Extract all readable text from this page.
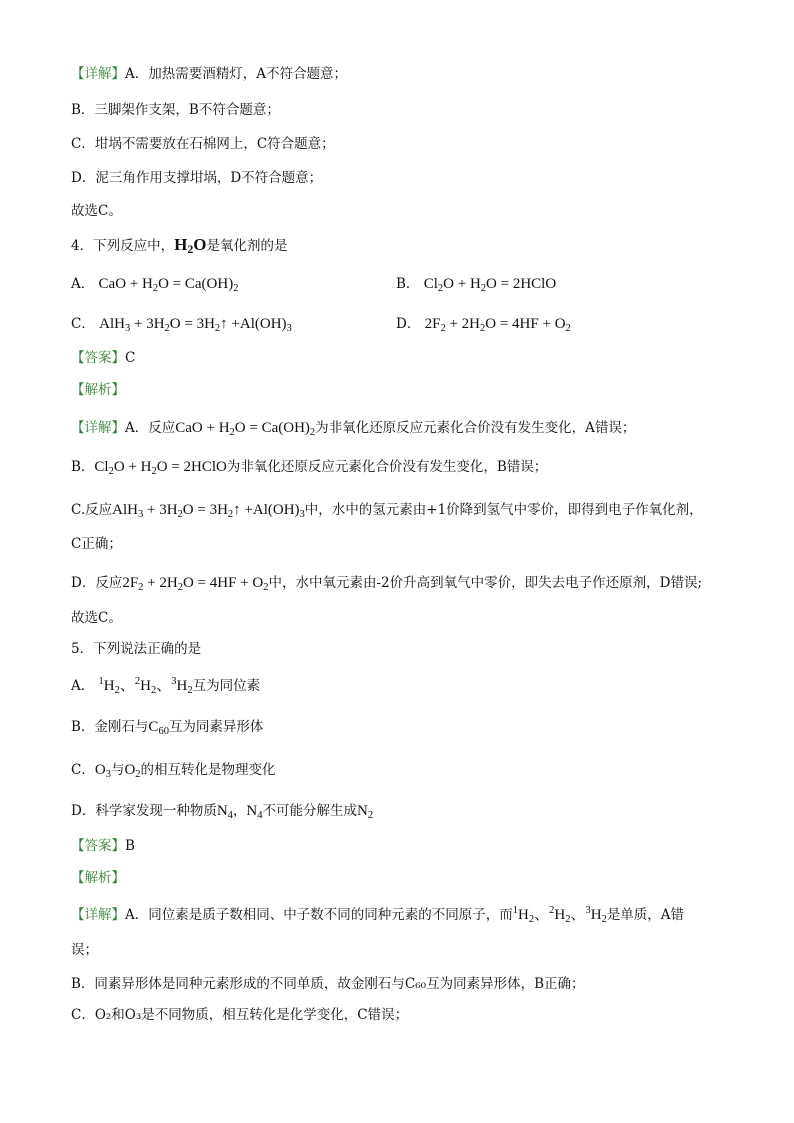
【详解】A．加热需要酒精灯，A不符合题意；
B．三脚架作支架，B不符合题意；
C．坩埚不需要放在石棉网上，C符合题意；
D．泥三角作用支撑坩埚，D不符合题意；
故选C。
4．下列反应中，$H_2O$是氧化剂的是
A． CaO + $H_2O = Ca(OH)_2$	B． $Cl_2O + H_2O$ = 2HClO
C． $AlH_3 + 3H_2O$ = $3H_2↑ +Al(OH)_3$	D． $2F_2 + 2H_2O = 4HF + O_2$
【答案】C
【解析】
【详解】A．反应CaO + $H_2O = Ca(OH)_2$为非氧化还原反应元素化合价没有发生变化，A错误；
B．$Cl_2O + H_2O$ = 2HClO为非氧化还原反应元素化合价没有发生变化，B错误；
C.反应$AlH_3 + 3H_2O$ = $3H_2↑ +Al(OH)_3$中，水中的氢元素由+1价降到氢气中零价，即得到电子作氧化剂，
C正确；
D．反应$2F_2 + 2H_2O = 4HF + O_2$中，水中氧元素由-2价升高到氧气中零价，即失去电子作还原剂，D错误;
故选C。
5．下列说法正确的是
A． $^1H_2$、$^2H_2$、$^3H_2$互为同位素
B．金刚石与$C_{60}$互为同素异形体
C．$O_3$与$O_2$的相互转化是物理变化
D．科学家发现一种物质$N_4$，$N_4$不可能分解生成$N_2$
【答案】B
【解析】
【详解】A．同位素是质子数相同、中子数不同的同种元素的不同原子，而$^1H_2$、$^2H_2$、$^3H_2$是单质，A错
误；
B．同素异形体是同种元素形成的不同单质，故金刚石与C₆₀互为同素异形体，B正确；
C．O₂和O₃是不同物质，相互转化是化学变化，C错误；
